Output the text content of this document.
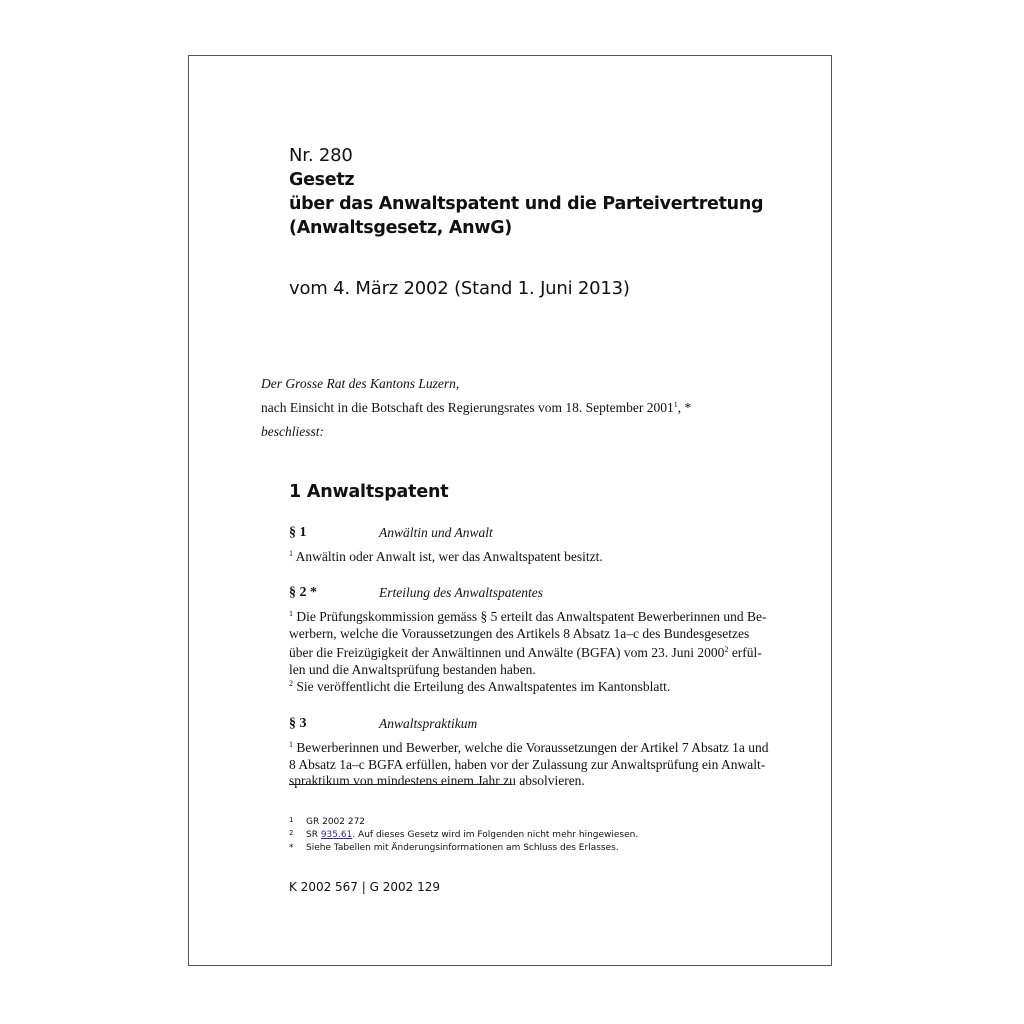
Nr. 280
Gesetz
über das Anwaltspatent und die Parteivertretung
(Anwaltsgesetz, AnwG)
vom 4. März 2002 (Stand 1. Juni 2013)
Der Grosse Rat des Kantons Luzern,
nach Einsicht in die Botschaft des Regierungsrates vom 18. September 2001$^1$, *
beschliesst:
1 Anwaltspatent
§ 1	Anwältin und Anwalt
$^1$ Anwältin oder Anwalt ist, wer das Anwaltspatent besitzt.
§ 2 *	Erteilung des Anwaltspatentes
$^1$ Die Prüfungskommission gemäss § 5 erteilt das Anwaltspatent Bewerberinnen und Be-
werbern, welche die Voraussetzungen des Artikels 8 Absatz 1a–c des Bundesgesetzes
über die Freizügigkeit der Anwältinnen und Anwälte (BGFA) vom 23. Juni 2000$^2$ erfül-
len und die Anwaltsprüfung bestanden haben.
$^2$ Sie veröffentlicht die Erteilung des Anwaltspatentes im Kantonsblatt.
§ 3	Anwaltspraktikum
$^1$ Bewerberinnen und Bewerber, welche die Voraussetzungen der Artikel 7 Absatz 1a und
8 Absatz 1a–c BGFA erfüllen, haben vor der Zulassung zur Anwaltsprüfung ein Anwalt-
spraktikum von mindestens einem Jahr zu absolvieren.
1 GR 2002 272
2 SR 935.61. Auf dieses Gesetz wird im Folgenden nicht mehr hingewiesen.
* Siehe Tabellen mit Änderungsinformationen am Schluss des Erlasses.
K 2002 567 | G 2002 129
